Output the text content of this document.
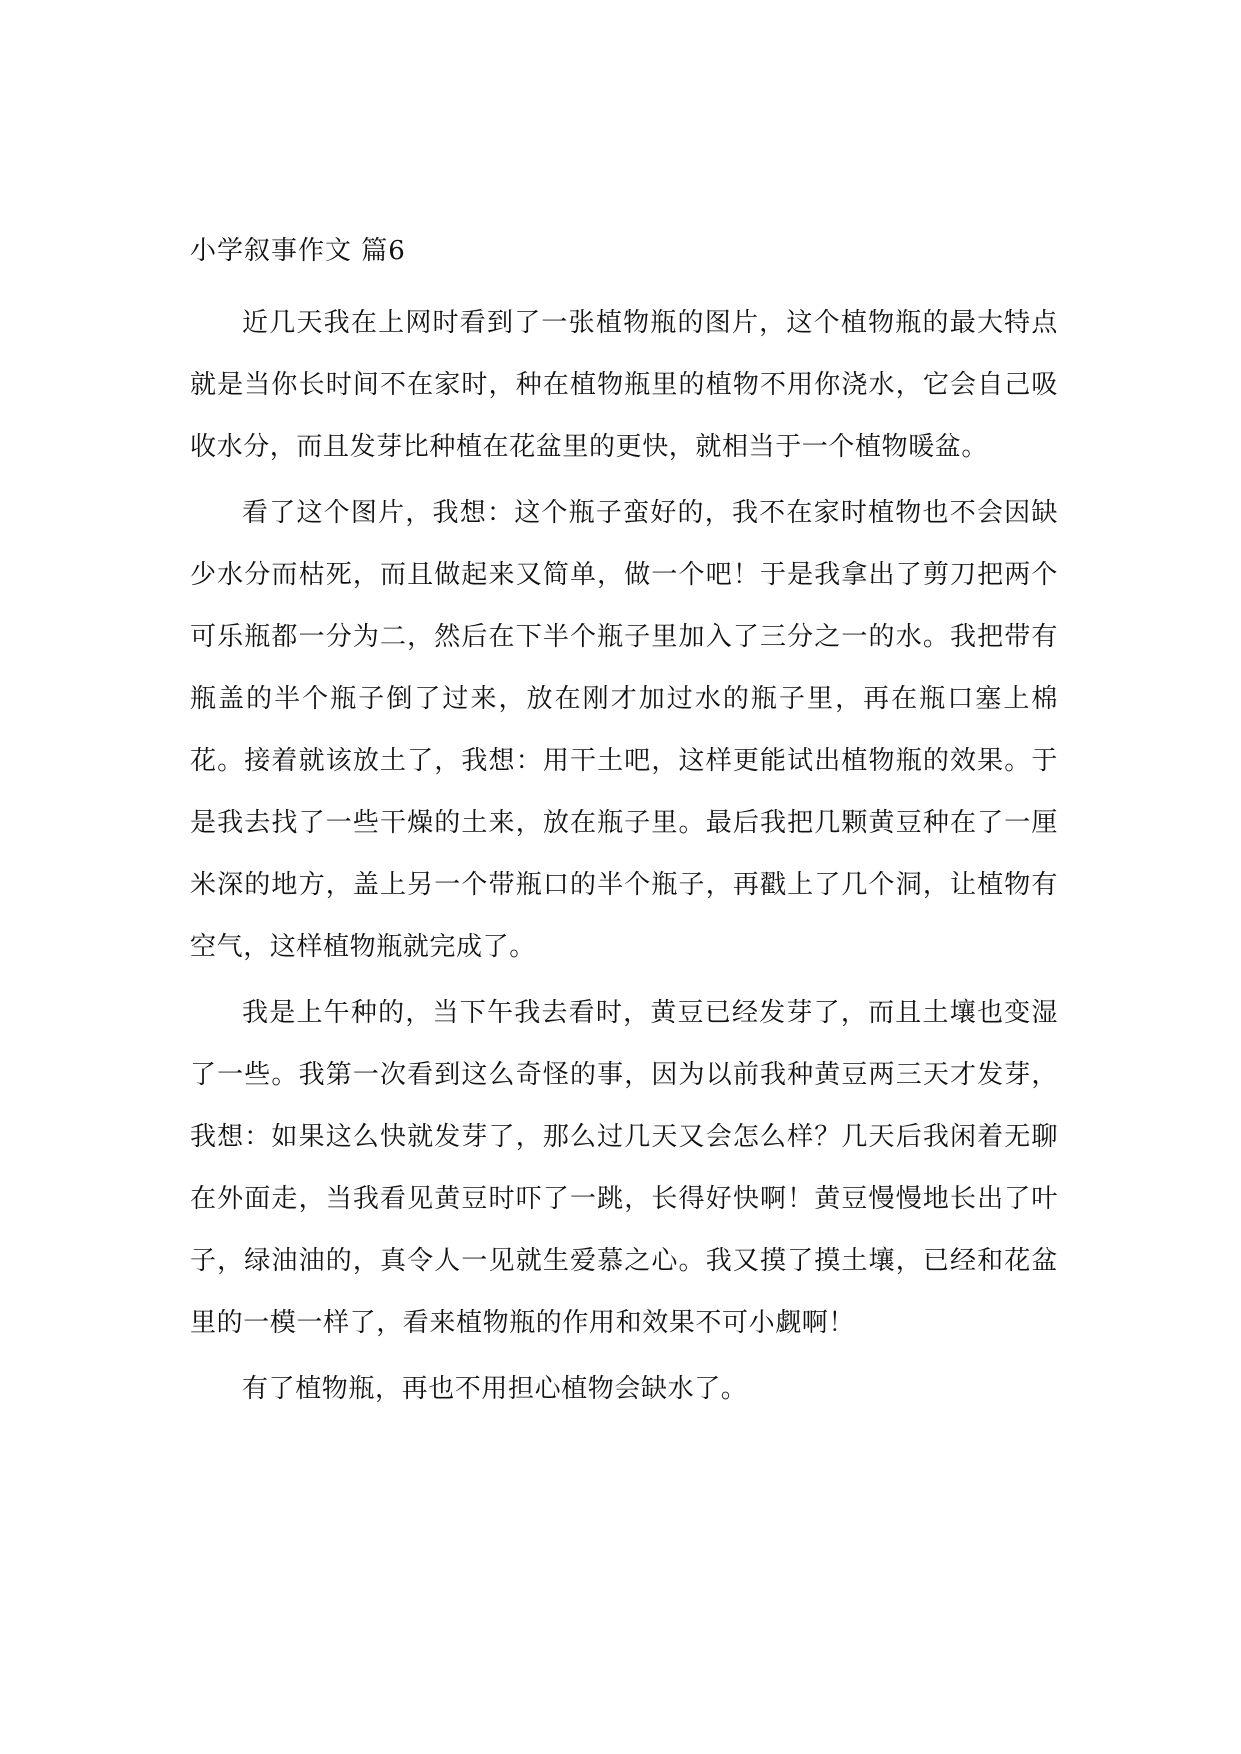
小学叙事作文 篇6

近几天我在上网时看到了一张植物瓶的图片，这个植物瓶的最大特点就是当你长时间不在家时，种在植物瓶里的植物不用你浇水，它会自己吸收水分，而且发芽比种植在花盆里的更快，就相当于一个植物暖盆。

看了这个图片，我想：这个瓶子蛮好的，我不在家时植物也不会因缺少水分而枯死，而且做起来又简单，做一个吧！于是我拿出了剪刀把两个可乐瓶都一分为二，然后在下半个瓶子里加入了三分之一的水。我把带有瓶盖的半个瓶子倒了过来，放在刚才加过水的瓶子里，再在瓶口塞上棉花。接着就该放土了，我想：用干土吧，这样更能试出植物瓶的效果。于是我去找了一些干燥的土来，放在瓶子里。最后我把几颗黄豆种在了一厘米深的地方，盖上另一个带瓶口的半个瓶子，再戳上了几个洞，让植物有空气，这样植物瓶就完成了。

我是上午种的，当下午我去看时，黄豆已经发芽了，而且土壤也变湿了一些。我第一次看到这么奇怪的事，因为以前我种黄豆两三天才发芽，我想：如果这么快就发芽了，那么过几天又会怎么样？几天后我闲着无聊在外面走，当我看见黄豆时吓了一跳，长得好快啊！黄豆慢慢地长出了叶子，绿油油的，真令人一见就生爱慕之心。我又摸了摸土壤，已经和花盆里的一模一样了，看来植物瓶的作用和效果不可小觑啊！

有了植物瓶，再也不用担心植物会缺水了。
